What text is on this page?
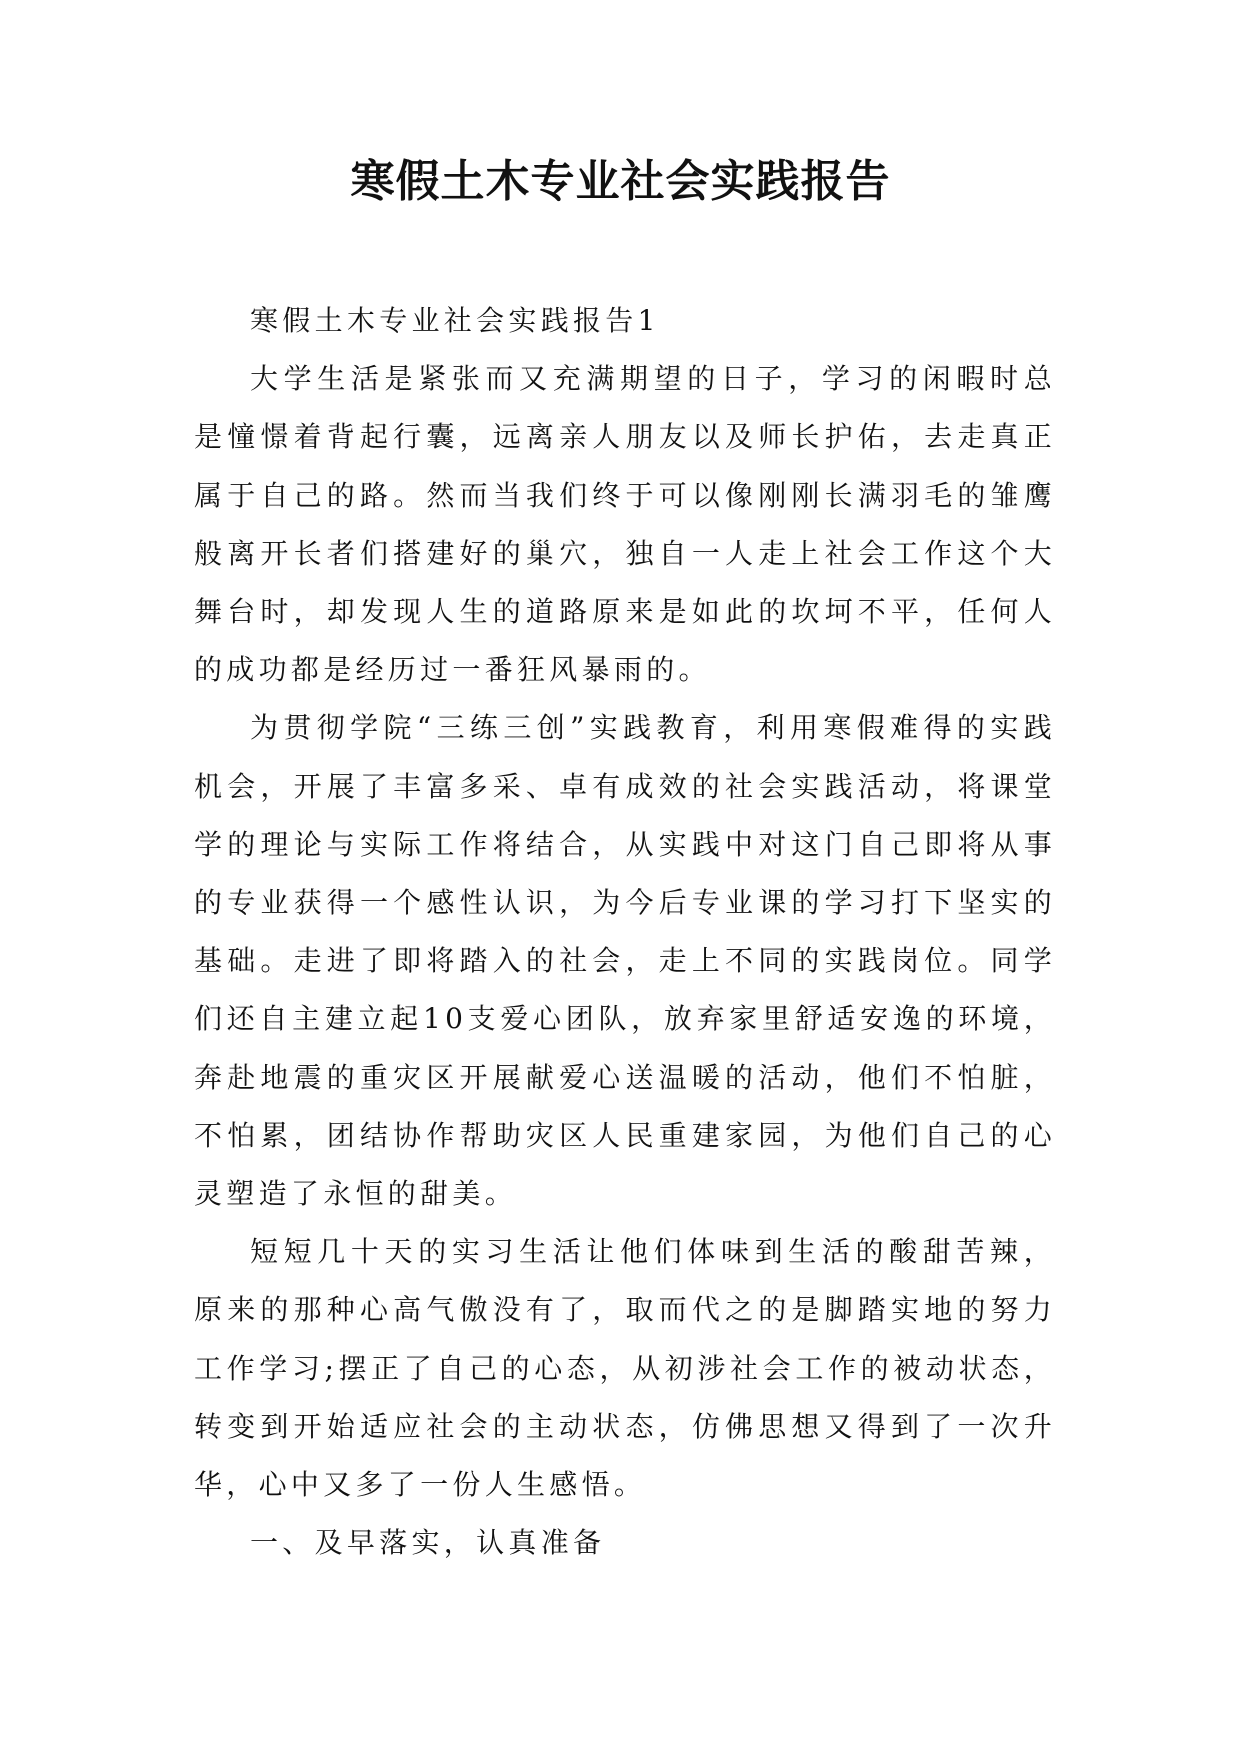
寒假土木专业社会实践报告

寒假土木专业社会实践报告1

大学生活是紧张而又充满期望的日子，学习的闲暇时总是憧憬着背起行囊，远离亲人朋友以及师长护佑，去走真正属于自己的路。然而当我们终于可以像刚刚长满羽毛的雏鹰般离开长者们搭建好的巢穴，独自一人走上社会工作这个大舞台时，却发现人生的道路原来是如此的坎坷不平，任何人的成功都是经历过一番狂风暴雨的。

为贯彻学院“三练三创”实践教育，利用寒假难得的实践机会，开展了丰富多采、卓有成效的社会实践活动，将课堂学的理论与实际工作将结合，从实践中对这门自己即将从事的专业获得一个感性认识，为今后专业课的学习打下坚实的基础。走进了即将踏入的社会，走上不同的实践岗位。同学们还自主建立起10支爱心团队，放弃家里舒适安逸的环境，奔赴地震的重灾区开展献爱心送温暖的活动，他们不怕脏，不怕累，团结协作帮助灾区人民重建家园，为他们自己的心灵塑造了永恒的甜美。

短短几十天的实习生活让他们体味到生活的酸甜苦辣，原来的那种心高气傲没有了，取而代之的是脚踏实地的努力工作学习;摆正了自己的心态，从初涉社会工作的被动状态，转变到开始适应社会的主动状态，仿佛思想又得到了一次升华，心中又多了一份人生感悟。

一、及早落实，认真准备
